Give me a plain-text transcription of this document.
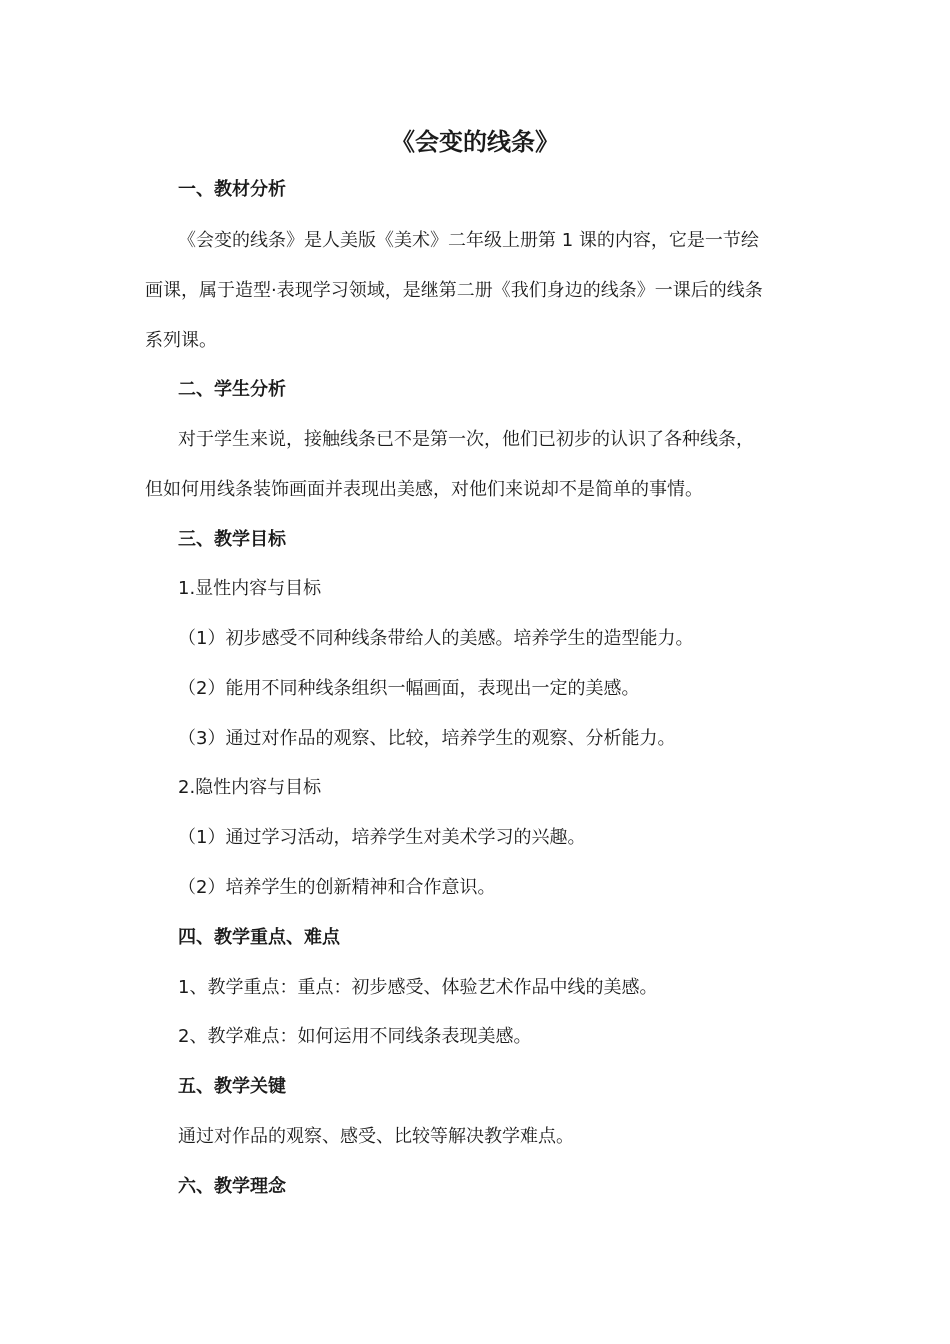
《会变的线条》
一、教材分析
《会变的线条》是人美版《美术》二年级上册第 1 课的内容，它是一节绘
画课，属于造型·表现学习领域，是继第二册《我们身边的线条》一课后的线条
系列课。
二、学生分析
对于学生来说，接触线条已不是第一次，他们已初步的认识了各种线条，
但如何用线条装饰画面并表现出美感，对他们来说却不是简单的事情。
三、教学目标
1.显性内容与目标
（1）初步感受不同种线条带给人的美感。培养学生的造型能力。
（2）能用不同种线条组织一幅画面，表现出一定的美感。
（3）通过对作品的观察、比较，培养学生的观察、分析能力。
2.隐性内容与目标
（1）通过学习活动，培养学生对美术学习的兴趣。
（2）培养学生的创新精神和合作意识。
四、教学重点、难点
1、教学重点：重点：初步感受、体验艺术作品中线的美感。
2、教学难点：如何运用不同线条表现美感。
五、教学关键
通过对作品的观察、感受、比较等解决教学难点。
六、教学理念
